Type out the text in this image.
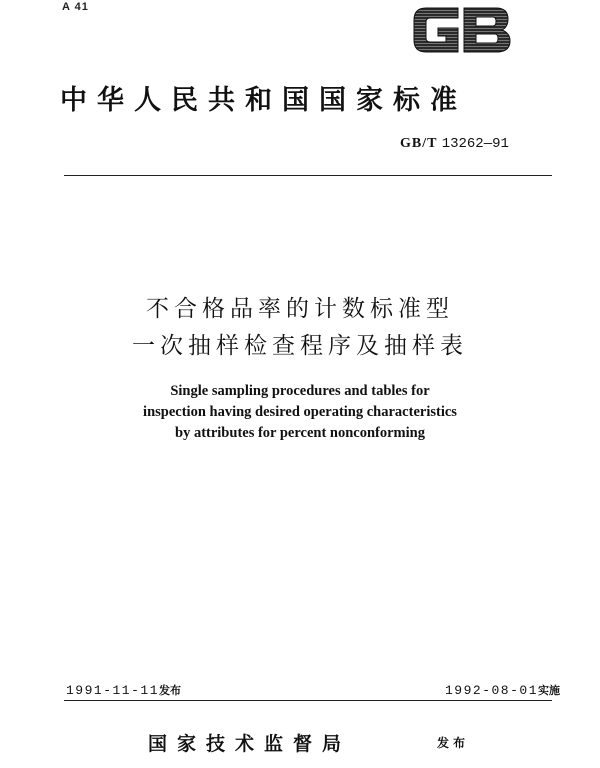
A 41
GB
中华人民共和国国家标准
GB/T 13262—91
不合格品率的计数标准型
一次抽样检查程序及抽样表
Single sampling procedures and tables for
inspection having desired operating characteristics
by attributes for percent nonconforming
1991-11-11发布	1992-08-01实施
国家技术监督局	发布
